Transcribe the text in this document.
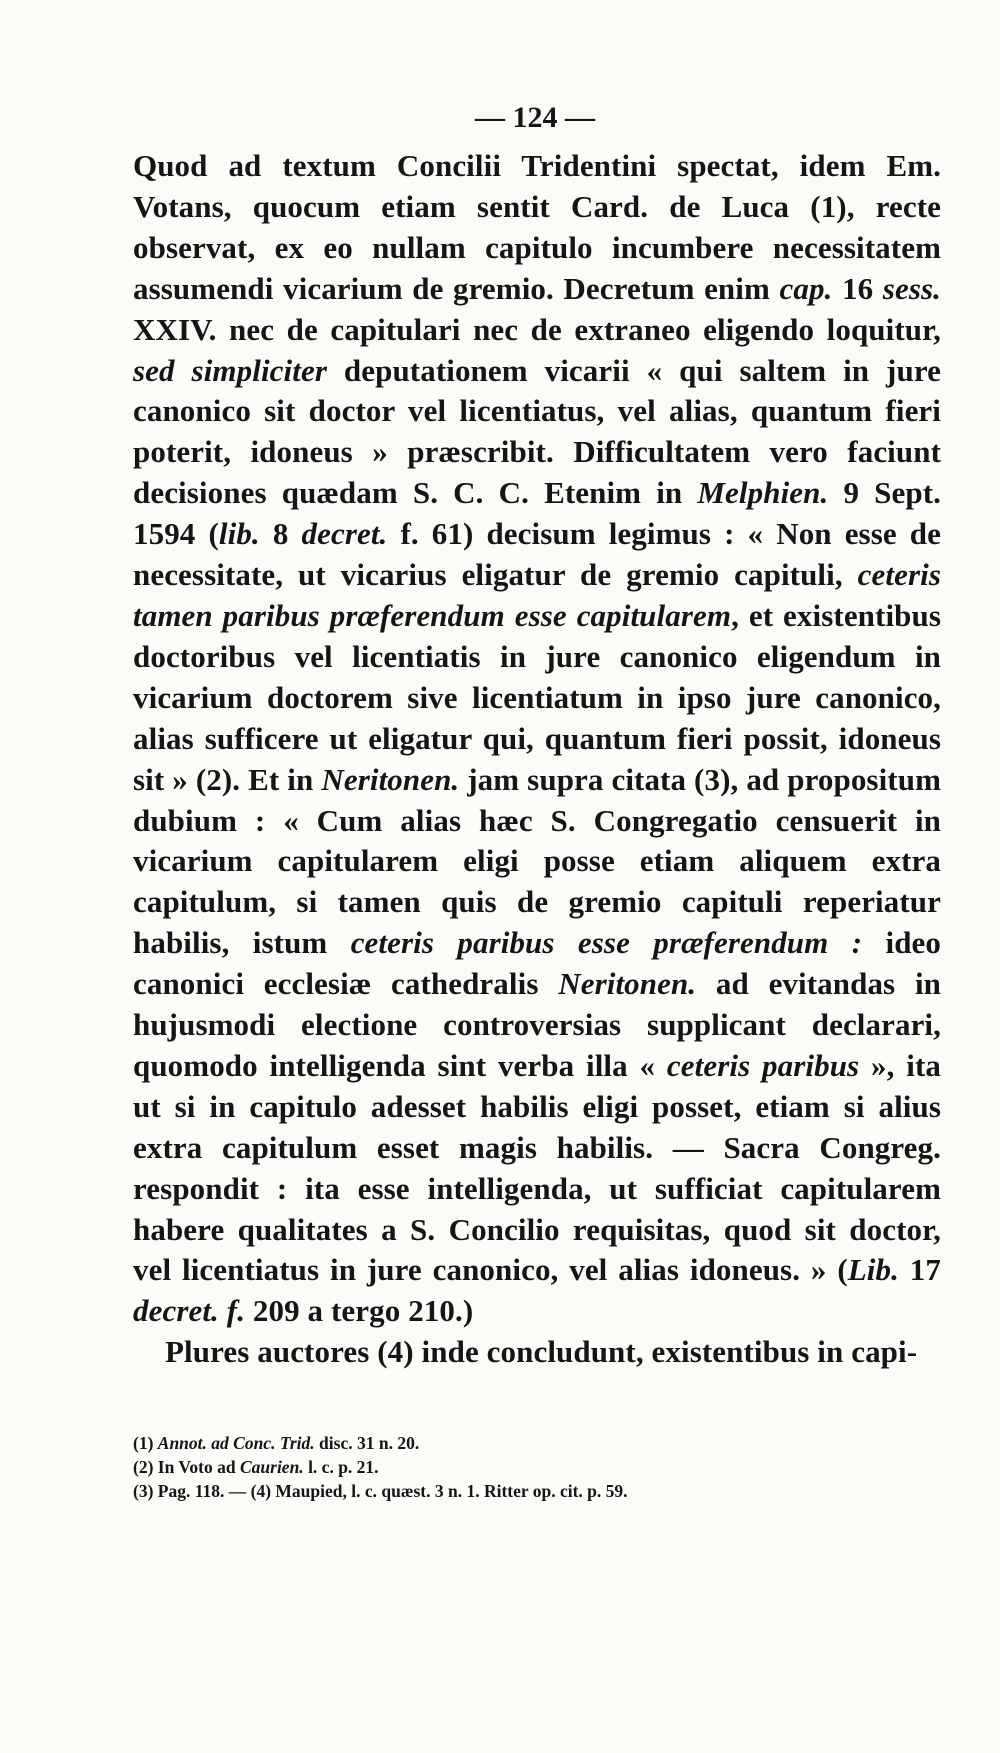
— 124 —

Quod ad textum Concilii Tridentini spectat, idem Em. Votans, quocum etiam sentit Card. de Luca (1), recte observat, ex eo nullam capitulo incumbere necessitatem assumendi vicarium de gremio. Decretum enim cap. 16 sess. XXIV. nec de capitulari nec de extraneo eligendo loquitur, sed simpliciter deputationem vicarii « qui saltem in jure canonico sit doctor vel licentiatus, vel alias, quantum fieri poterit, idoneus » præscribit. Difficultatem vero faciunt decisiones quædam S. C. C. Etenim in Melphien. 9 Sept. 1594 (lib. 8 decret. f. 61) decisum legimus : « Non esse de necessitate, ut vicarius eligatur de gremio capituli, ceteris tamen paribus præferendum esse capitularem, et existentibus doctoribus vel licentiatis in jure canonico eligendum in vicarium doctorem sive licentiatum in ipso jure canonico, alias sufficere ut eligatur qui, quantum fieri possit, idoneus sit » (2). Et in Neritonen. jam supra citata (3), ad propositum dubium : « Cum alias hæc S. Congregatio censuerit in vicarium capitularem eligi posse etiam aliquem extra capitulum, si tamen quis de gremio capituli reperiatur habilis, istum ceteris paribus esse præferendum : ideo canonici ecclesiæ cathedralis Neritonen. ad evitandas in hujusmodi electione controversias supplicant declarari, quomodo intelligenda sint verba illa « ceteris paribus », ita ut si in capitulo adesset habilis eligi posset, etiam si alius extra capitulum esset magis habilis. — Sacra Congreg. respondit : ita esse intelligenda, ut sufficiat capitularem habere qualitates a S. Concilio requisitas, quod sit doctor, vel licentiatus in jure canonico, vel alias idoneus. » (Lib. 17 decret. f. 209 a tergo 210.)

Plures auctores (4) inde concludunt, existentibus in capi-

(1) Annot. ad Conc. Trid. disc. 31 n. 20.
(2) In Voto ad Caurien. l. c. p. 21.
(3) Pag. 118. — (4) Maupied, l. c. quæst. 3 n. 1. Ritter op. cit. p. 59.
